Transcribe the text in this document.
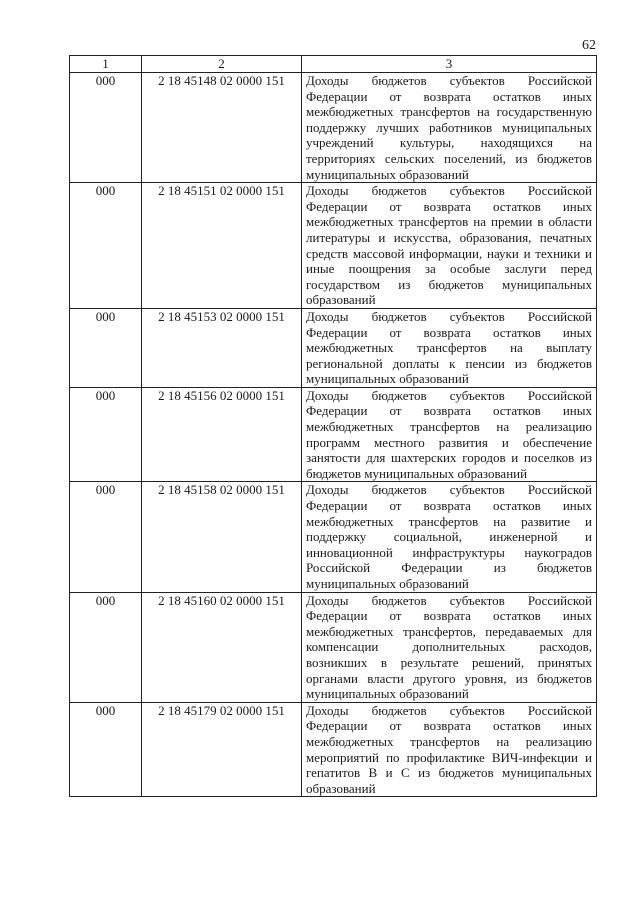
62
1	2	3
000	2 18 45148 02 0000 151	Доходы бюджетов субъектов Российской Федерации от возврата остатков иных межбюджетных трансфертов на государственную поддержку лучших работников муниципальных учреждений культуры, находящихся на территориях сельских поселений, из бюджетов муниципальных образований
000	2 18 45151 02 0000 151	Доходы бюджетов субъектов Российской Федерации от возврата остатков иных межбюджетных трансфертов на премии в области литературы и искусства, образования, печатных средств массовой информации, науки и техники и иные поощрения за особые заслуги перед государством из бюджетов муниципальных образований
000	2 18 45153 02 0000 151	Доходы бюджетов субъектов Российской Федерации от возврата остатков иных межбюджетных трансфертов на выплату региональной доплаты к пенсии из бюджетов муниципальных образований
000	2 18 45156 02 0000 151	Доходы бюджетов субъектов Российской Федерации от возврата остатков иных межбюджетных трансфертов на реализацию программ местного развития и обеспечение занятости для шахтерских городов и поселков из бюджетов муниципальных образований
000	2 18 45158 02 0000 151	Доходы бюджетов субъектов Российской Федерации от возврата остатков иных межбюджетных трансфертов на развитие и поддержку социальной, инженерной и инновационной инфраструктуры наукоградов Российской Федерации из бюджетов муниципальных образований
000	2 18 45160 02 0000 151	Доходы бюджетов субъектов Российской Федерации от возврата остатков иных межбюджетных трансфертов, передаваемых для компенсации дополнительных расходов, возникших в результате решений, принятых органами власти другого уровня, из бюджетов муниципальных образований
000	2 18 45179 02 0000 151	Доходы бюджетов субъектов Российской Федерации от возврата остатков иных межбюджетных трансфертов на реализацию мероприятий по профилактике ВИЧ-инфекции и гепатитов В и С из бюджетов муниципальных образований
